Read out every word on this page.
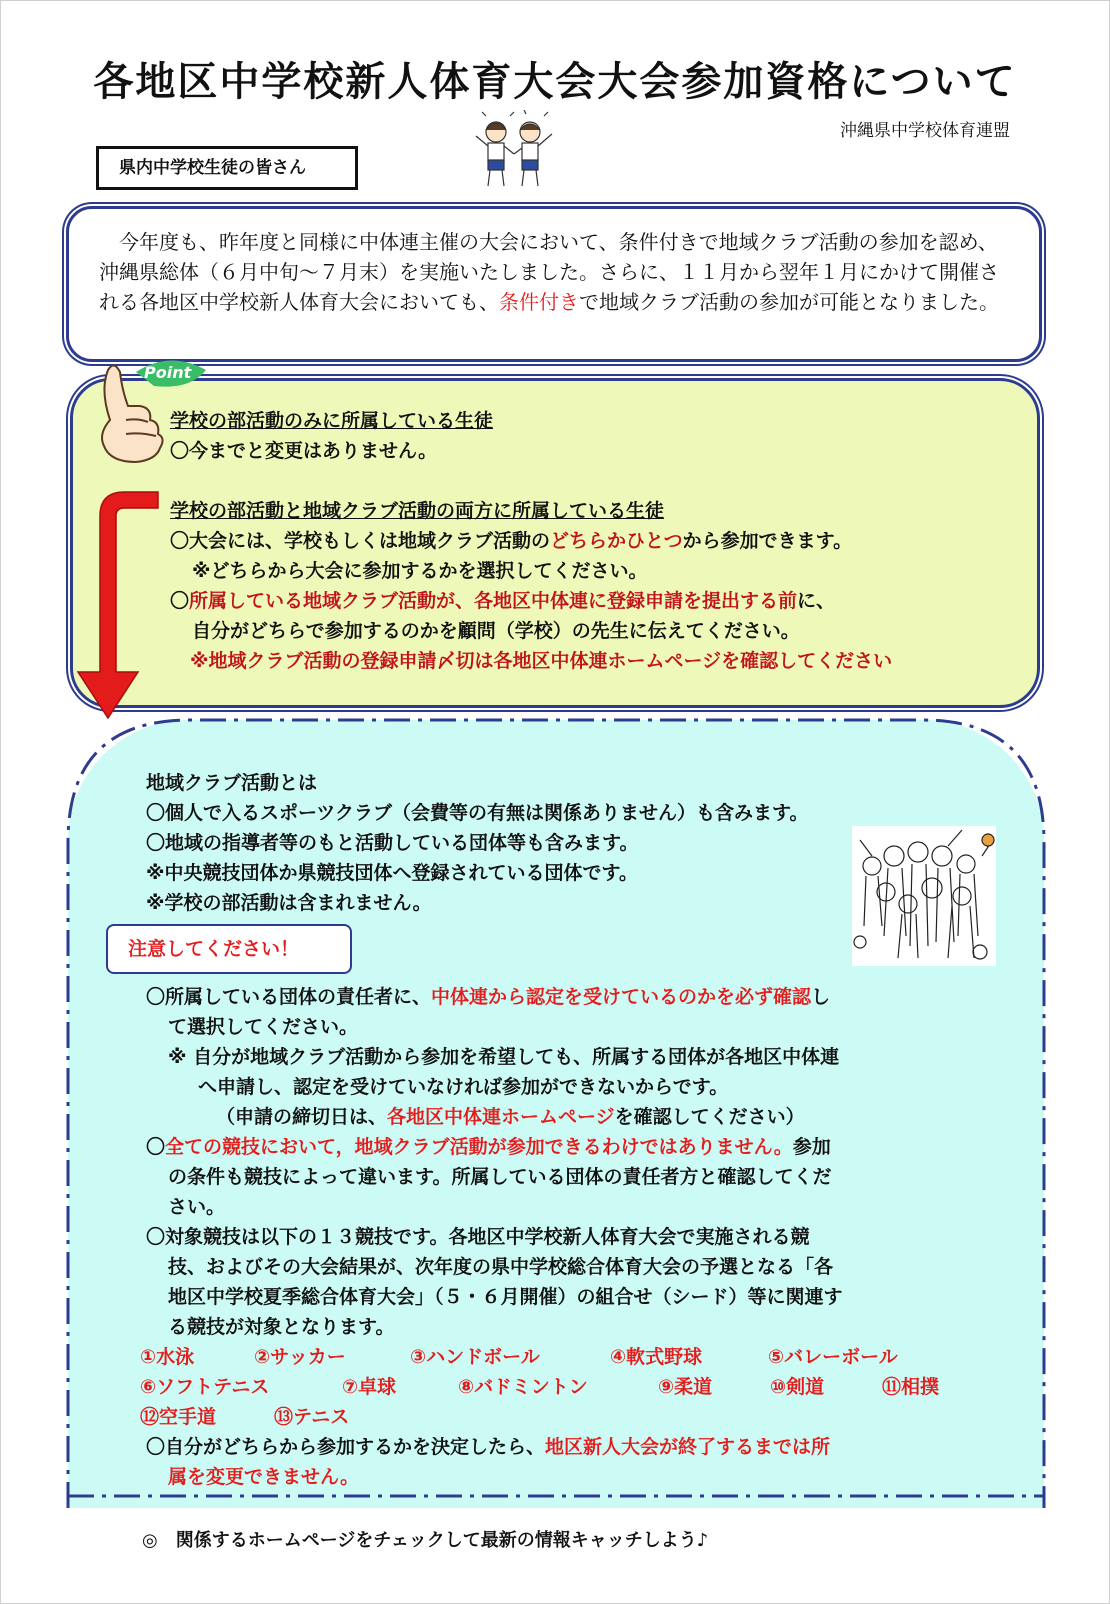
各地区中学校新人体育大会大会参加資格について
沖縄県中学校体育連盟
県内中学校生徒の皆さん
　今年度も、昨年度と同様に中体連主催の大会において、条件付きで地域クラブ活動の参加を認め、沖縄県総体（６月中旬～７月末）を実施いたしました。さらに、１１月から翌年１月にかけて開催される各地区中学校新人体育大会においても、条件付きで地域クラブ活動の参加が可能となりました。
Point
学校の部活動のみに所属している生徒
〇今までと変更はありません。
学校の部活動と地域クラブ活動の両方に所属している生徒
〇大会には、学校もしくは地域クラブ活動のどちらかひとつから参加できます。
※どちらから大会に参加するかを選択してください。
〇所属している地域クラブ活動が、各地区中体連に登録申請を提出する前に、
自分がどちらで参加するのかを顧問（学校）の先生に伝えてください。
※地域クラブ活動の登録申請〆切は各地区中体連ホームページを確認してください
地域クラブ活動とは
〇個人で入るスポーツクラブ（会費等の有無は関係ありません）も含みます。
〇地域の指導者等のもと活動している団体等も含みます。
※中央競技団体か県競技団体へ登録されている団体です。
※学校の部活動は含まれません。
注意してください！
〇所属している団体の責任者に、中体連から認定を受けているのかを必ず確認し
て選択してください。
※ 自分が地域クラブ活動から参加を希望しても、所属する団体が各地区中体連
へ申請し、認定を受けていなければ参加ができないからです。
（申請の締切日は、各地区中体連ホームページを確認してください）
〇全ての競技において，地域クラブ活動が参加できるわけではありません。参加
の条件も競技によって違います。所属している団体の責任者方と確認してくだ
さい。
〇対象競技は以下の１３競技です。各地区中学校新人体育大会で実施される競
技、およびその大会結果が、次年度の県中学校総合体育大会の予選となる「各
地区中学校夏季総合体育大会」（５・６月開催）の組合せ（シード）等に関連す
る競技が対象となります。
①水泳	②サッカー	③ハンドボール	④軟式野球	⑤バレーボール
⑥ソフトテニス	⑦卓球	⑧バドミントン	⑨柔道	⑩剣道	⑪相撲
⑫空手道	⑬テニス
〇自分がどちらから参加するかを決定したら、地区新人大会が終了するまでは所
属を変更できません。
◎　関係するホームページをチェックして最新の情報キャッチしよう♪
